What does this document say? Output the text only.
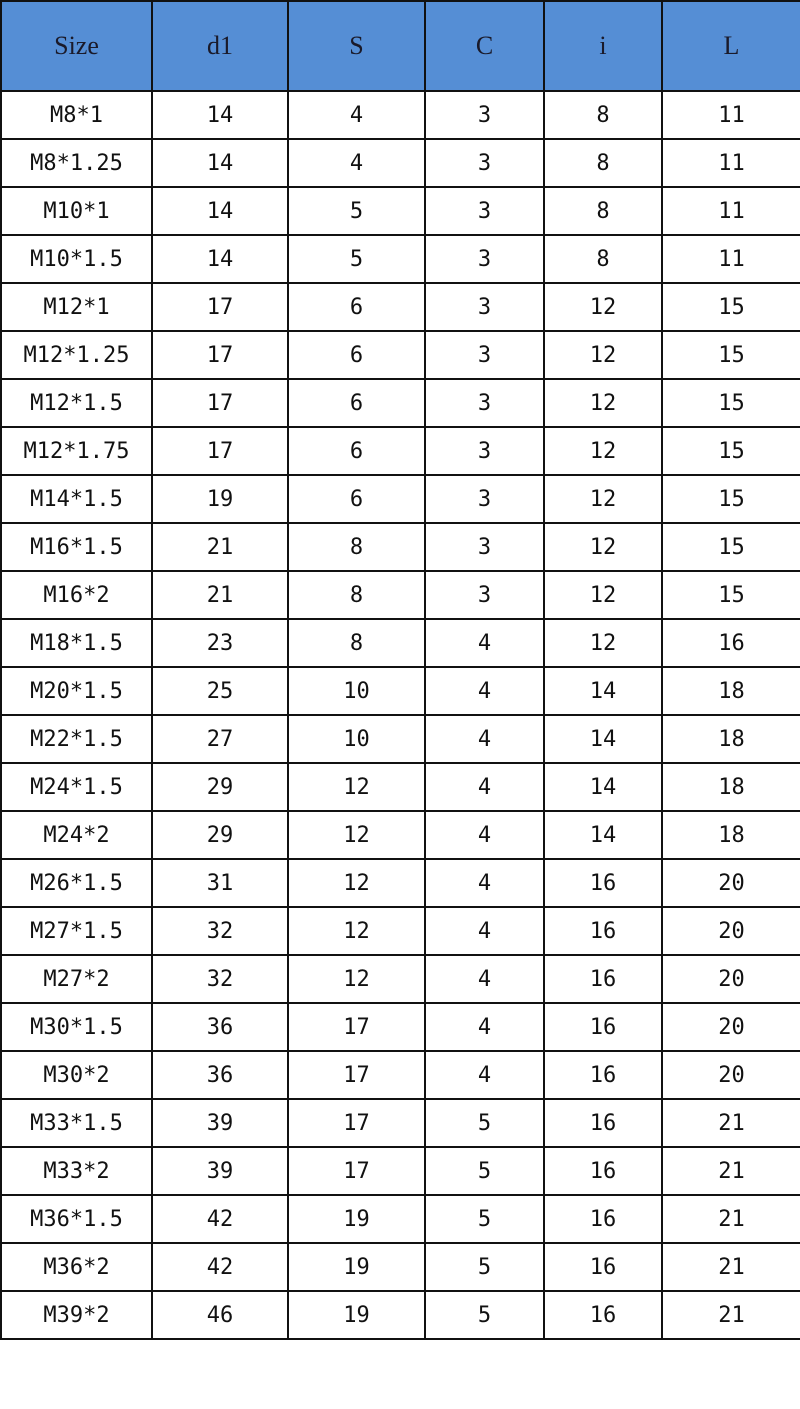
Size	d1	S	C	i	L
M8*1	14	4	3	8	11
M8*1.25	14	4	3	8	11
M10*1	14	5	3	8	11
M10*1.5	14	5	3	8	11
M12*1	17	6	3	12	15
M12*1.25	17	6	3	12	15
M12*1.5	17	6	3	12	15
M12*1.75	17	6	3	12	15
M14*1.5	19	6	3	12	15
M16*1.5	21	8	3	12	15
M16*2	21	8	3	12	15
M18*1.5	23	8	4	12	16
M20*1.5	25	10	4	14	18
M22*1.5	27	10	4	14	18
M24*1.5	29	12	4	14	18
M24*2	29	12	4	14	18
M26*1.5	31	12	4	16	20
M27*1.5	32	12	4	16	20
M27*2	32	12	4	16	20
M30*1.5	36	17	4	16	20
M30*2	36	17	4	16	20
M33*1.5	39	17	5	16	21
M33*2	39	17	5	16	21
M36*1.5	42	19	5	16	21
M36*2	42	19	5	16	21
M39*2	46	19	5	16	21
